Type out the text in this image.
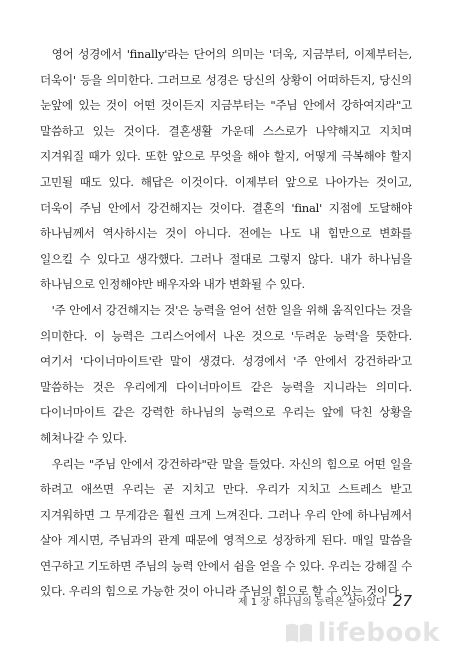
영어 성경에서 'finally'라는 단어의 의미는 '더욱, 지금부터, 이제부터는, 더욱이' 등을 의미한다. 그러므로 성경은 당신의 상황이 어떠하든지, 당신의 눈앞에 있는 것이 어떤 것이든지 지금부터는 "주님 안에서 강하여지라"고 말씀하고 있는 것이다. 결혼생활 가운데 스스로가 나약해지고 지치며 지겨워질 때가 있다. 또한 앞으로 무엇을 해야 할지, 어떻게 극복해야 할지 고민될 때도 있다. 해답은 이것이다. 이제부터 앞으로 나아가는 것이고, 더욱이 주님 안에서 강건해지는 것이다. 결혼의 'final' 지점에 도달해야 하나님께서 역사하시는 것이 아니다. 전에는 나도 내 힘만으로 변화를 일으킬 수 있다고 생각했다. 그러나 절대로 그렇지 않다. 내가 하나님을 하나님으로 인정해야만 배우자와 내가 변화될 수 있다.

'주 안에서 강건해지는 것'은 능력을 얻어 선한 일을 위해 움직인다는 것을 의미한다. 이 능력은 그리스어에서 나온 것으로 '두려운 능력'을 뜻한다. 여기서 '다이너마이트'란 말이 생겼다. 성경에서 '주 안에서 강건하라'고 말씀하는 것은 우리에게 다이너마이트 같은 능력을 지니라는 의미다. 다이너마이트 같은 강력한 하나님의 능력으로 우리는 앞에 닥친 상황을 헤쳐나갈 수 있다.

우리는 "주님 안에서 강건하라"란 말을 들었다. 자신의 힘으로 어떤 일을 하려고 애쓰면 우리는 곧 지치고 만다. 우리가 지치고 스트레스 받고 지겨워하면 그 무게감은 훨씬 크게 느껴진다. 그러나 우리 안에 하나님께서 살아 계시면, 주님과의 관계 때문에 영적으로 성장하게 된다. 매일 말씀을 연구하고 기도하면 주님의 능력 안에서 쉼을 얻을 수 있다. 우리는 강해질 수 있다. 우리의 힘으로 가능한 것이 아니라 주님의 힘으로 할 수 있는 것이다.

제 1 장 하나님의 능력은 살아있다 27
lifebook
